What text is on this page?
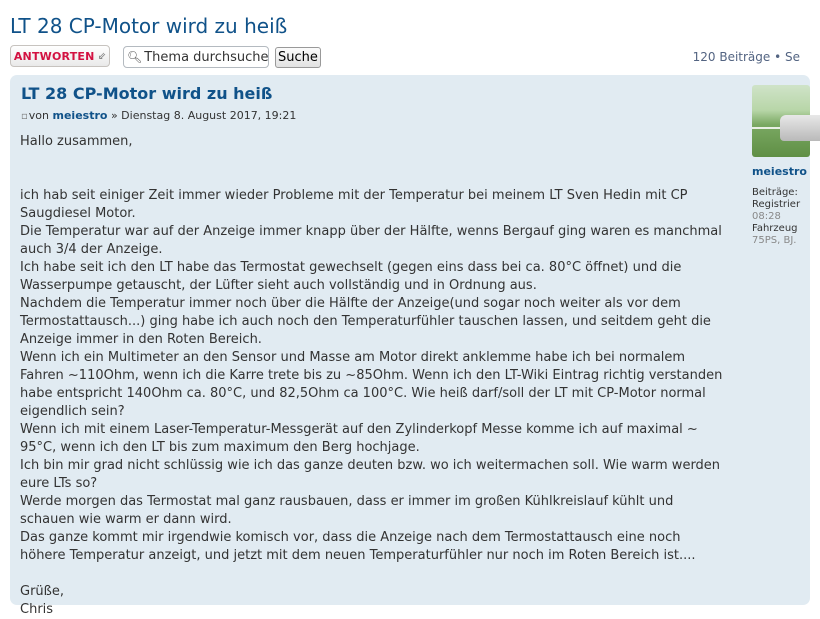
LT 28 CP-Motor wird zu heiß
ANTWORTEN ⇙ 🔍︎
Thema durchsuchen...	Suche	120 Beiträge • Se
LT 28 CP-Motor wird zu heiß
▫von meiestro » Dienstag 8. August 2017, 19:21

Hallo zusammen,

ich hab seit einiger Zeit immer wieder Probleme mit der Temperatur bei meinem LT Sven Hedin mit CP Saugdiesel Motor.

Die Temperatur war auf der Anzeige immer knapp über der Hälfte, wenns Bergauf ging waren es manchmal auch 3/4 der Anzeige.

Ich habe seit ich den LT habe das Termostat gewechselt (gegen eins dass bei ca. 80°C öffnet) und die Wasserpumpe getauscht, der Lüfter sieht auch vollständig und in Ordnung aus.

Nachdem die Temperatur immer noch über die Hälfte der Anzeige(und sogar noch weiter als vor dem Termostattausch...) ging habe ich auch noch den Temperaturfühler tauschen lassen, und seitdem geht die Anzeige immer in den Roten Bereich.

Wenn ich ein Multimeter an den Sensor und Masse am Motor direkt anklemme habe ich bei normalem Fahren ~110Ohm, wenn ich die Karre trete bis zu ~85Ohm. Wenn ich den LT-Wiki Eintrag richtig verstanden habe entspricht 140Ohm ca. 80°C, und 82,5Ohm ca 100°C. Wie heiß darf/soll der LT mit CP-Motor normal eigendlich sein?

Wenn ich mit einem Laser-Temperatur-Messgerät auf den Zylinderkopf Messe komme ich auf maximal ~ 95°C, wenn ich den LT bis zum maximum den Berg hochjage.

Ich bin mir grad nicht schlüssig wie ich das ganze deuten bzw. wo ich weitermachen soll. Wie warm werden eure LTs so?

Werde morgen das Termostat mal ganz rausbauen, dass er immer im großen Kühlkreislauf kühlt und schauen wie warm er dann wird.

Das ganze kommt mir irgendwie komisch vor, dass die Anzeige nach dem Termostattausch eine noch höhere Temperatur anzeigt, und jetzt mit dem neuen Temperaturfühler nur noch im Roten Bereich ist....

Grüße,

Chris

meiestro
Beiträge:
Registrier
08:28
Fahrzeug
75PS, BJ.
